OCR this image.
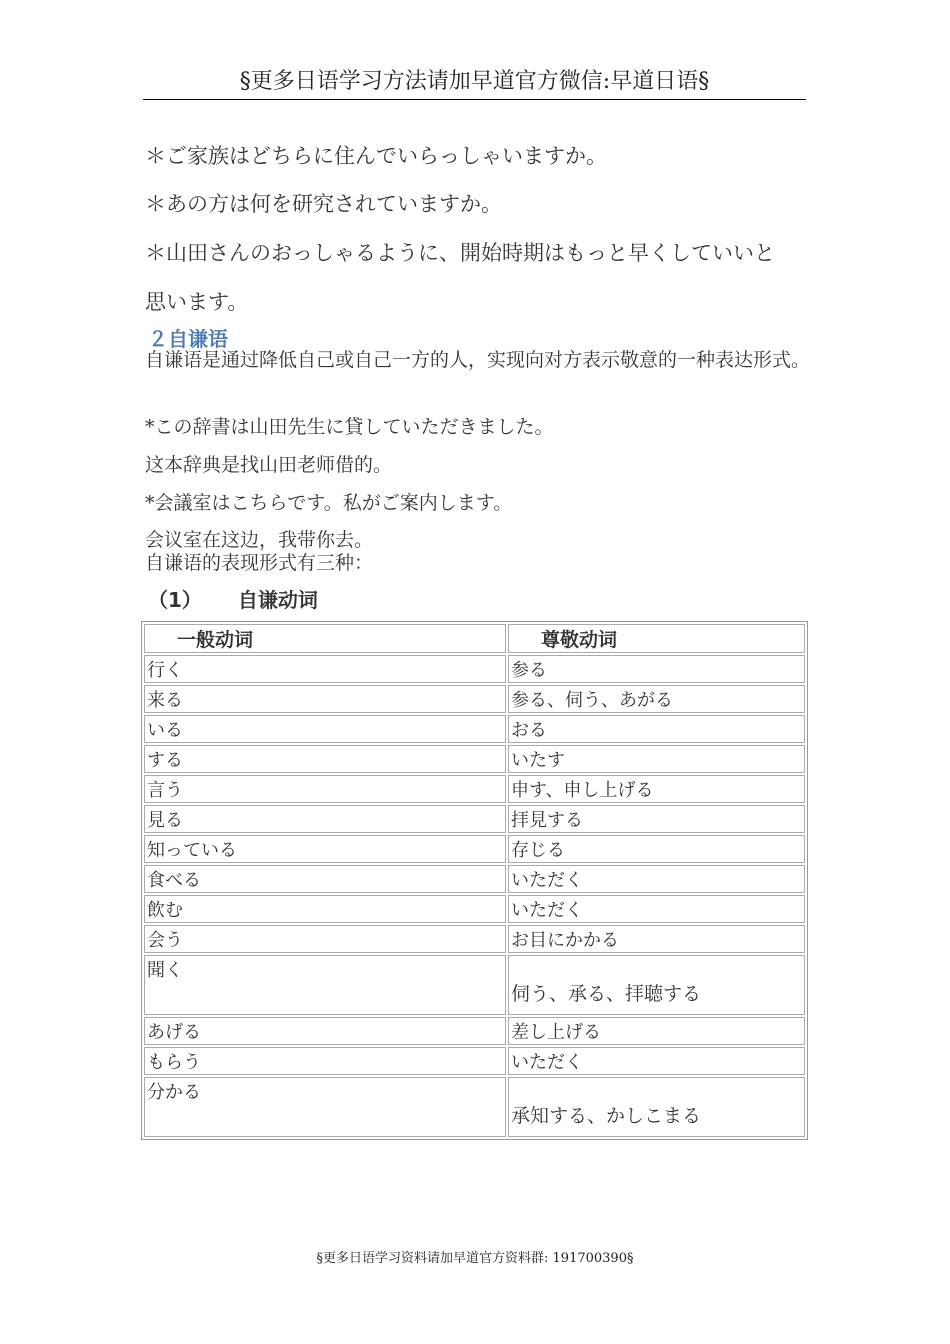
§更多日语学习方法请加早道官方微信:早道日语§
＊ご家族はどちらに住んでいらっしゃいますか。
＊あの方は何を研究されていますか。
＊山田さんのおっしゃるように、開始時期はもっと早くしていいと
思います。
２自谦语
自谦语是通过降低自己或自己一方的人，实现向对方表示敬意的一种表达形式。
*この辞書は山田先生に貸していただきました。
这本辞典是找山田老师借的。
*会議室はこちらです。私がご案内します。
会议室在这边，我带你去。
自谦语的表现形式有三种：
（1） 自谦动词
一般动词	尊敬动词
行く	参る
来る	参る、伺う、あがる
いる	おる
する	いたす
言う	申す、申し上げる
見る	拝見する
知っている	存じる
食べる	いただく
飲む	いただく
会う	お目にかかる
聞く	伺う、承る、拝聴する
あげる	差し上げる
もらう	いただく
分かる	承知する、かしこまる
§更多日语学习资料请加早道官方资料群: 191700390§
